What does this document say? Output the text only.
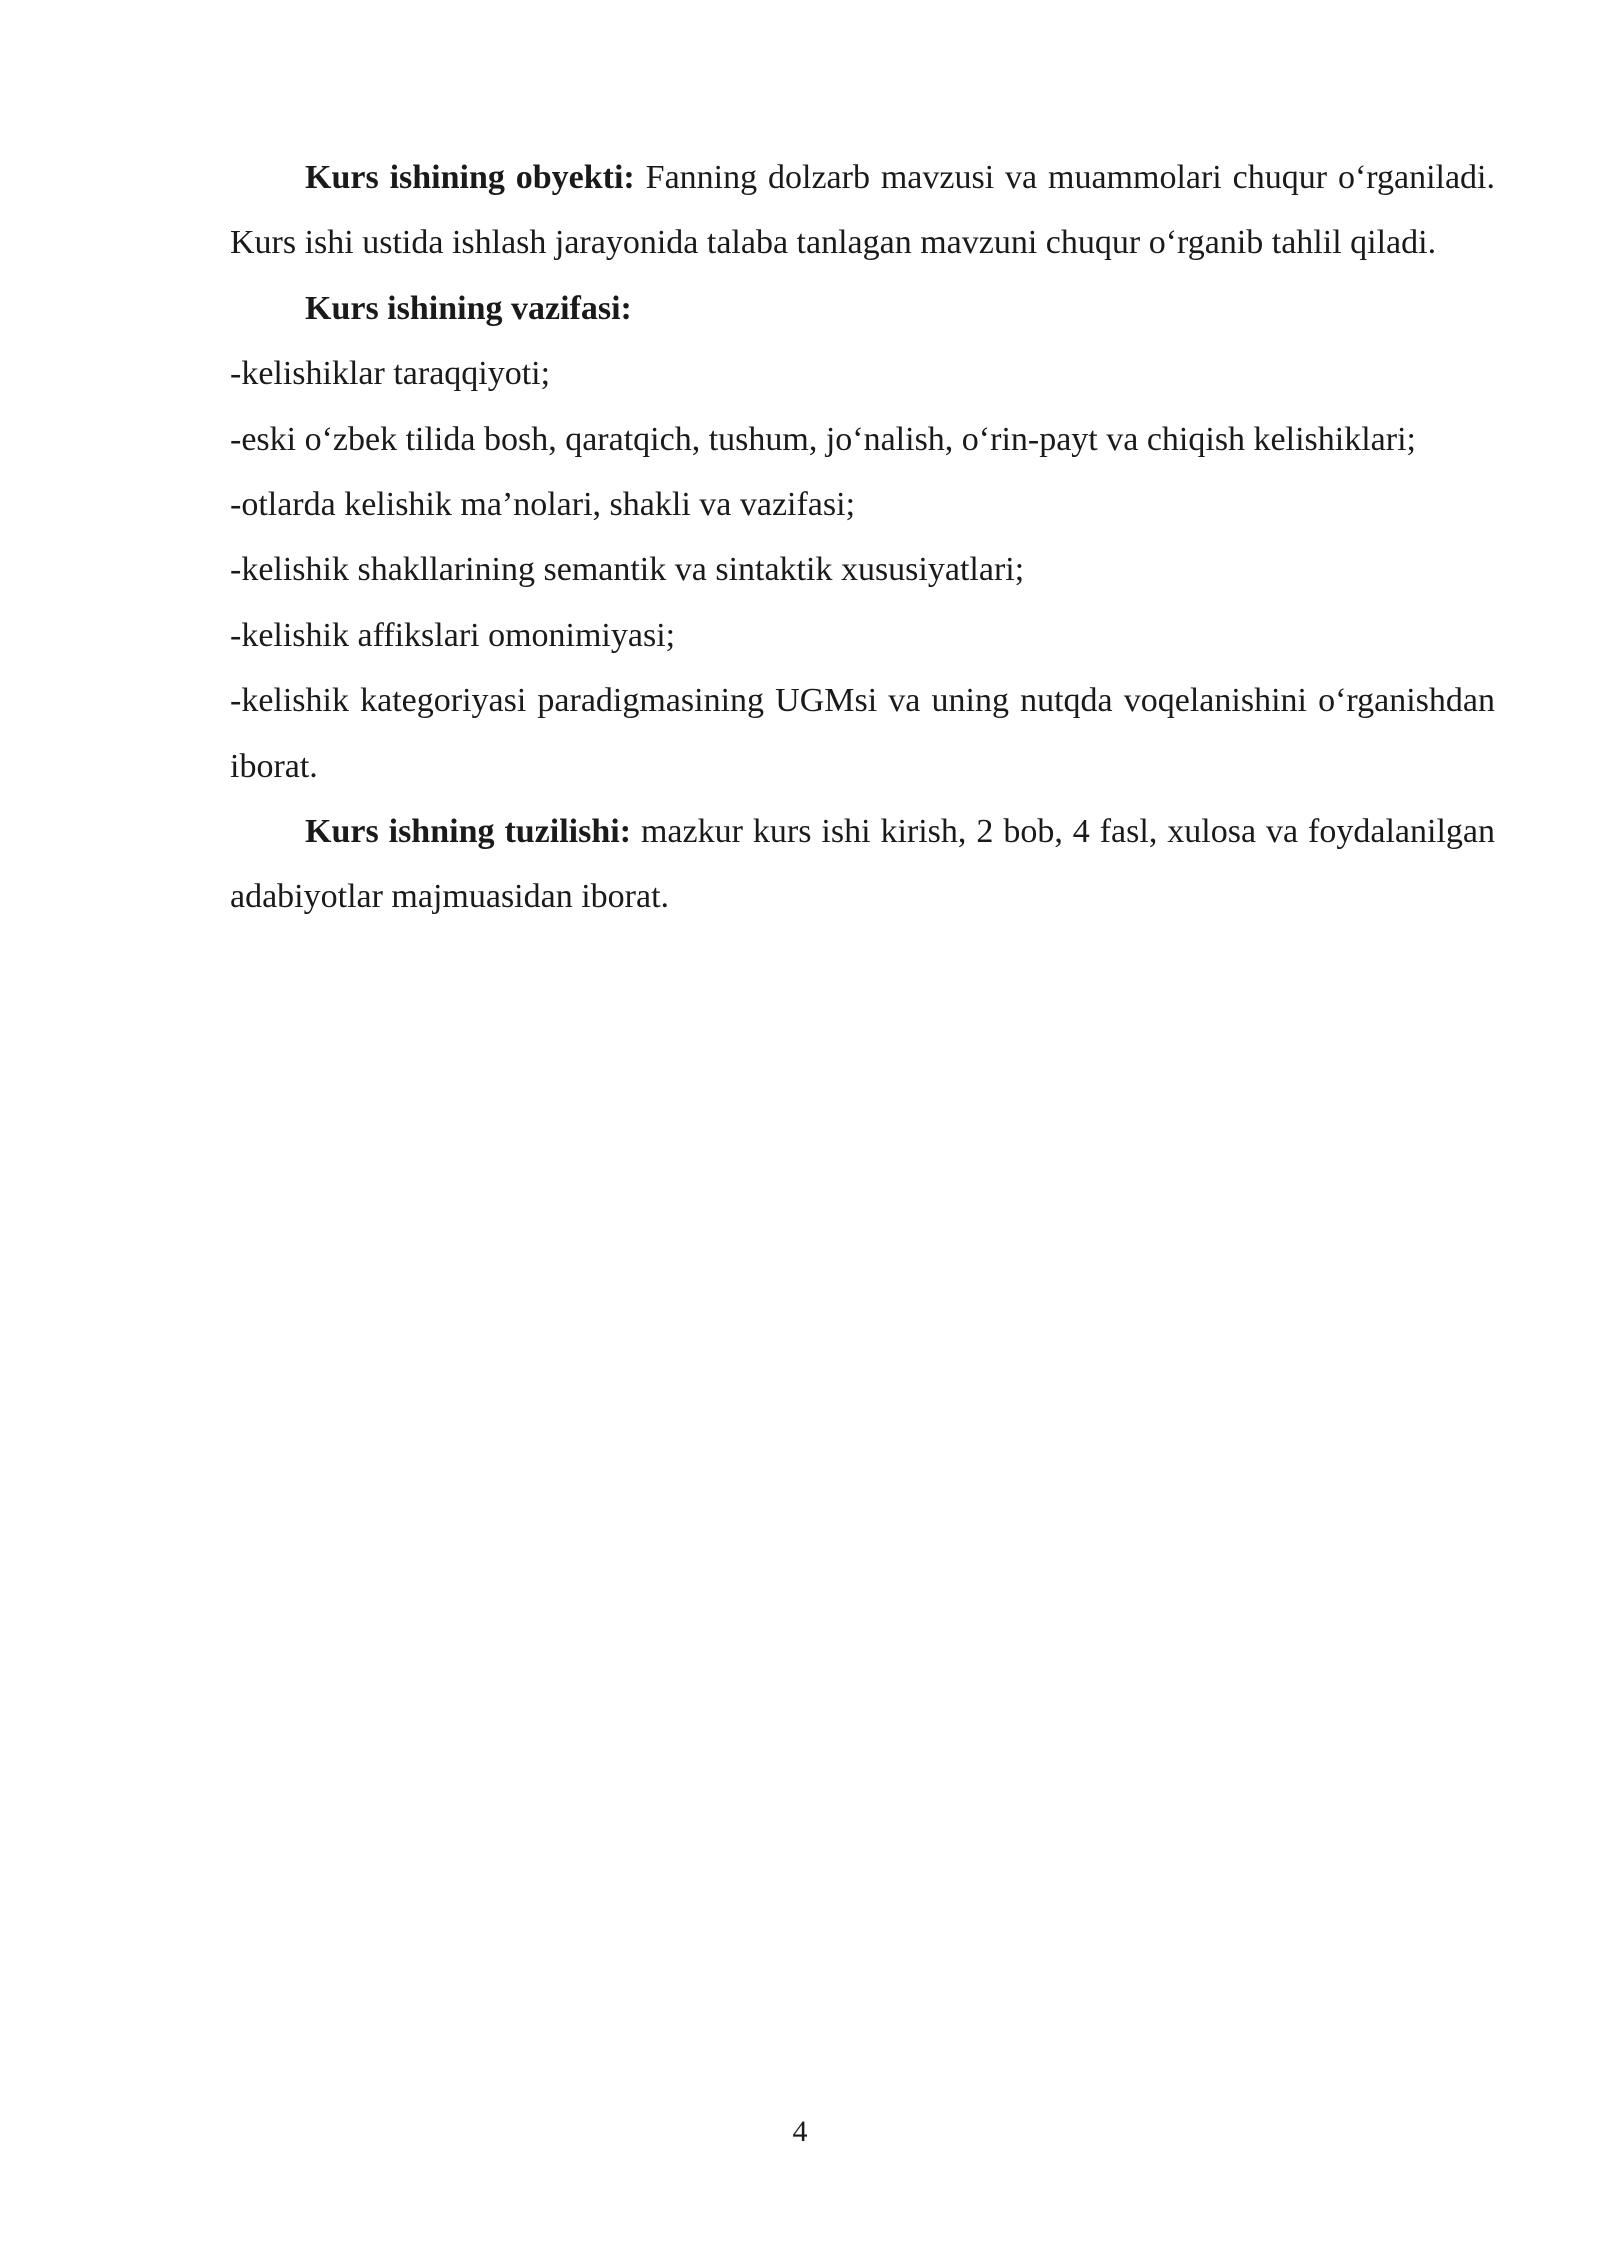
Kurs ishining obyekti: Fanning dolzarb mavzusi va muammolari chuqur o‘rganiladi. Kurs ishi ustida ishlash jarayonida talaba tanlagan mavzuni chuqur o‘rganib tahlil qiladi.

Kurs ishining vazifasi:

-kelishiklar taraqqiyoti;

-eski o‘zbek tilida bosh, qaratqich, tushum, jo‘nalish, o‘rin-payt va chiqish kelishiklari;

-otlarda kelishik ma’nolari, shakli va vazifasi;

-kelishik shakllarining semantik va sintaktik xususiyatlari;

-kelishik affikslari omonimiyasi;

-kelishik kategoriyasi paradigmasining UGMsi va uning nutqda voqelanishini o‘rganishdan iborat.

Kurs ishning tuzilishi: mazkur kurs ishi kirish, 2 bob, 4 fasl, xulosa va foydalanilgan adabiyotlar majmuasidan iborat.

4
